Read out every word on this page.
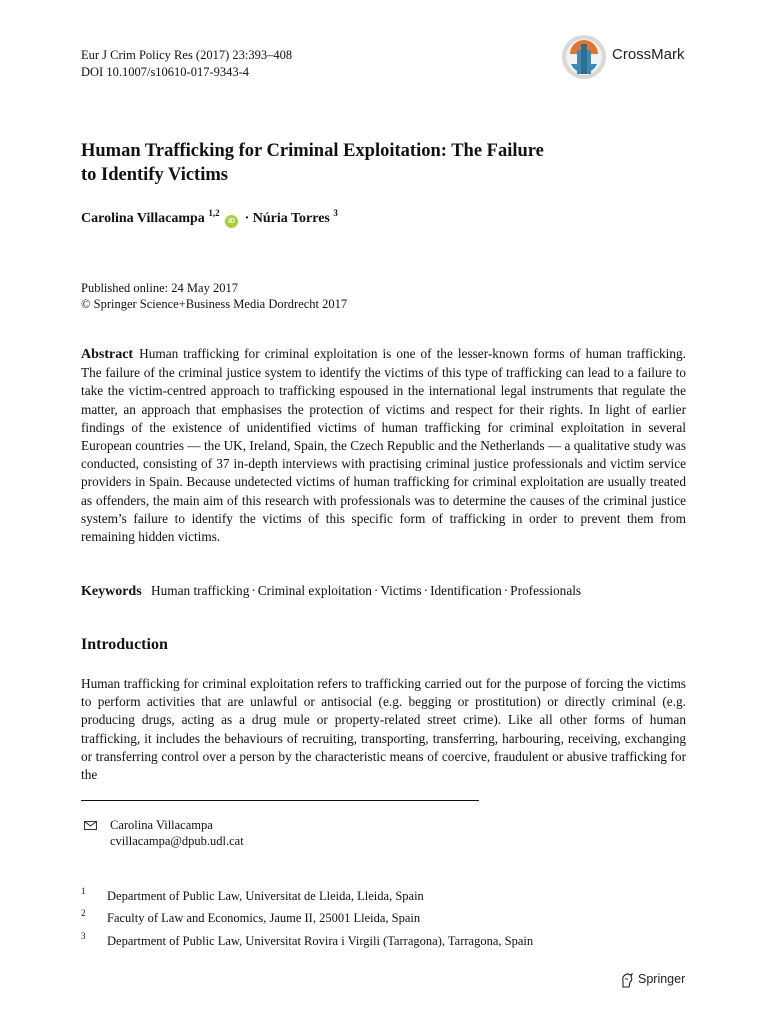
Eur J Crim Policy Res (2017) 23:393–408
DOI 10.1007/s10610-017-9343-4
CrossMark
Human Trafficking for Criminal Exploitation: The Failure
to Identify Victims
Carolina Villacampa $^{1,2}$ iD · Núria Torres $^3$
Published online: 24 May 2017
© Springer Science+Business Media Dordrecht 2017
Abstract Human trafficking for criminal exploitation is one of the lesser-known forms of human trafficking. The failure of the criminal justice system to identify the victims of this type of trafficking can lead to a failure to take the victim-centred approach to trafficking espoused in the international legal instruments that regulate the matter, an approach that emphasises the protection of victims and respect for their rights. In light of earlier findings of the existence of unidentified victims of human trafficking for criminal exploitation in several European countries — the UK, Ireland, Spain, the Czech Republic and the Netherlands — a qualitative study was conducted, consisting of 37 in-depth interviews with practising criminal justice professionals and victim service providers in Spain. Because undetected victims of human trafficking for criminal exploitation are usually treated as offenders, the main aim of this research with professionals was to determine the causes of the criminal justice system’s failure to identify the victims of this specific form of trafficking in order to prevent them from remaining hidden victims.
Keywords Human trafficking · Criminal exploitation · Victims · Identification · Professionals
Introduction
Human trafficking for criminal exploitation refers to trafficking carried out for the purpose of forcing the victims to perform activities that are unlawful or antisocial (e.g. begging or prostitution) or directly criminal (e.g. producing drugs, acting as a drug mule or property-related street crime). Like all other forms of human trafficking, it includes the behaviours of recruiting, transporting, transferring, harbouring, receiving, exchanging or transferring control over a person by the characteristic means of coercive, fraudulent or abusive trafficking for the
Carolina Villacampa
cvillacampa@dpub.udl.cat
1 Department of Public Law, Universitat de Lleida, Lleida, Spain
2 Faculty of Law and Economics, Jaume II, 25001 Lleida, Spain
3 Department of Public Law, Universitat Rovira i Virgili (Tarragona), Tarragona, Spain
Springer
